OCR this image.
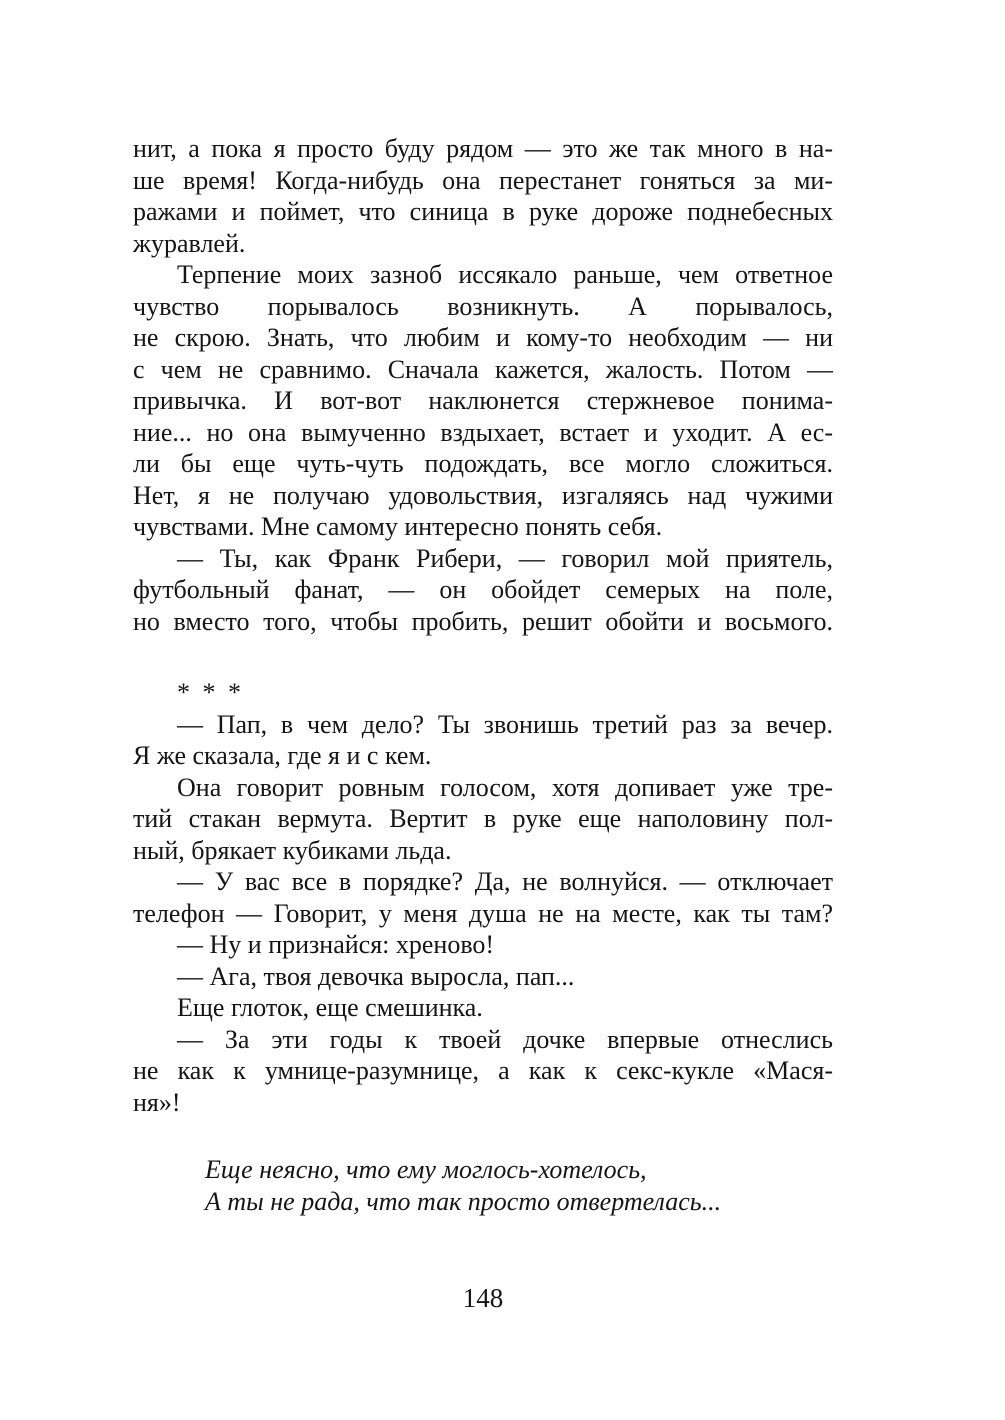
нит, а пока я просто буду рядом — это же так много в на-
ше время! Когда-нибудь она перестанет гоняться за ми-
ражами и поймет, что синица в руке дороже поднебесных
журавлей.
Терпение моих зазноб иссякало раньше, чем ответное
чувство порывалось возникнуть. А порывалось,
не скрою. Знать, что любим и кому-то необходим — ни
с чем не сравнимо. Сначала кажется, жалость. Потом —
привычка. И вот-вот наклюнется стержневое понима-
ние... но она вымученно вздыхает, встает и уходит. А ес-
ли бы еще чуть-чуть подождать, все могло сложиться.
Нет, я не получаю удовольствия, изгаляясь над чужими
чувствами. Мне самому интересно понять себя.
— Ты, как Франк Рибери, — говорил мой приятель,
футбольный фанат, — он обойдет семерых на поле,
но вместо того, чтобы пробить, решит обойти и восьмого.
* * *
— Пап, в чем дело? Ты звонишь третий раз за вечер.
Я же сказала, где я и с кем.
Она говорит ровным голосом, хотя допивает уже тре-
тий стакан вермута. Вертит в руке еще наполовину пол-
ный, брякает кубиками льда.
— У вас все в порядке? Да, не волнуйся. — отключает
телефон — Говорит, у меня душа не на месте, как ты там?
— Ну и признайся: хреново!
— Ага, твоя девочка выросла, пап...
Еще глоток, еще смешинка.
— За эти годы к твоей дочке впервые отнеслись
не как к умнице-разумнице, а как к секс-кукле «Мася-
ня»!
Еще неясно, что ему моглось-хотелось,
А ты не рада, что так просто отвертелась...
148
